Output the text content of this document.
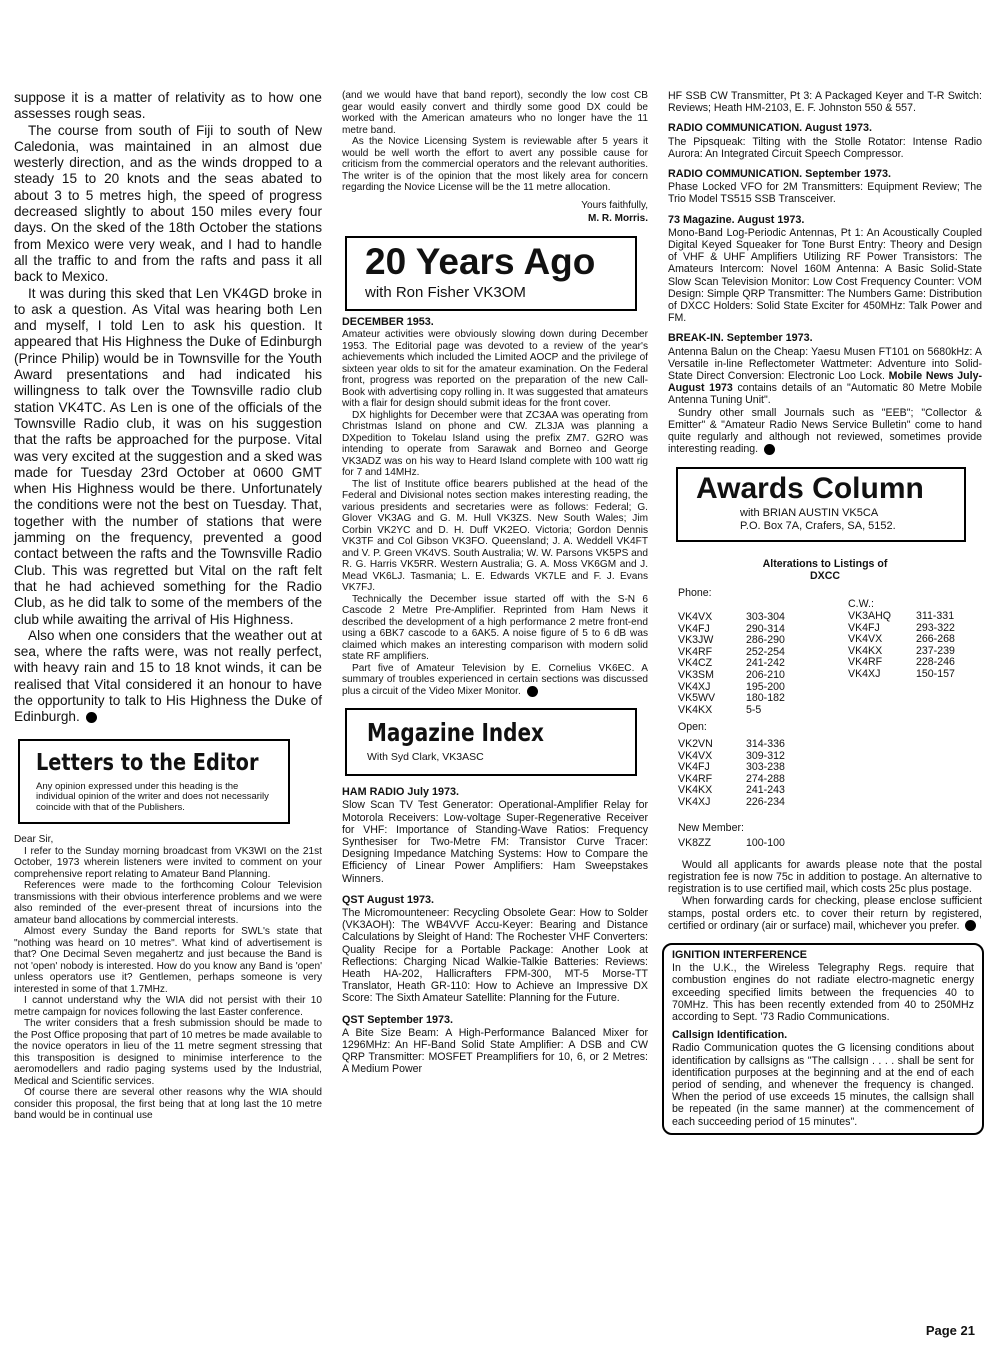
suppose it is a matter of relativity as to how one assesses rough seas.

The course from south of Fiji to south of New Caledonia, was maintained in an almost due westerly direction, and as the winds dropped to a steady 15 to 20 knots and the seas abated to about 3 to 5 metres high, the speed of progress decreased slightly to about 150 miles every four days. On the sked of the 18th October the stations from Mexico were very weak, and I had to handle all the traffic to and from the rafts and pass it all back to Mexico.

It was during this sked that Len VK4GD broke in to ask a question. As Vital was hearing both Len and myself, I told Len to ask his question. It appeared that His Highness the Duke of Edinburgh (Prince Philip) would be in Townsville for the Youth Award presentations and had indicated his willingness to talk over the Townsville radio club station VK4TC. As Len is one of the officials of the Townsville Radio club, it was on his suggestion that the rafts be approached for the purpose. Vital was very excited at the suggestion and a sked was made for Tuesday 23rd October at 0600 GMT when His Highness would be there. Unfortunately the conditions were not the best on Tuesday. That, together with the number of stations that were jamming on the frequency, prevented a good contact between the rafts and the Townsville Radio Club. This was regretted but Vital on the raft felt that he had achieved something for the Radio Club, as he did talk to some of the members of the club while awaiting the arrival of His Highness.

Also when one considers that the weather out at sea, where the rafts were, was not really perfect, with heavy rain and 15 to 18 knot winds, it can be realised that Vital considered it an honour to have the opportunity to talk to His Highness the Duke of Edinburgh.

Letters to the Editor
Any opinion expressed under this heading is the individual opinion of the writer and does not necessarily coincide with that of the Publishers.

Dear Sir,

I refer to the Sunday morning broadcast from VK3WI on the 21st October, 1973 wherein listeners were invited to comment on your comprehensive report relating to Amateur Band Planning.

References were made to the forthcoming Colour Television transmissions with their obvious interference problems and we were also reminded of the ever-present threat of incursions into the amateur band allocations by commercial interests.

Almost every Sunday the Band reports for SWL's state that "nothing was heard on 10 metres". What kind of advertisement is that? One Decimal Seven megahertz and just because the Band is not 'open' nobody is interested. How do you know any Band is 'open' unless operators use it? Gentlemen, perhaps someone is very interested in some of that 1.7MHz.

I cannot understand why the WIA did not persist with their 10 metre campaign for novices following the last Easter conference.

The writer considers that a fresh submission should be made to the Post Office proposing that part of 10 metres be made available to the novice operators in lieu of the 11 metre segment stressing that this transposition is designed to minimise interference to the aeromodellers and radio paging systems used by the Industrial, Medical and Scientific services.

Of course there are several other reasons why the WIA should consider this proposal, the first being that at long last the 10 metre band would be in continual use

(and we would have that band report), secondly the low cost CB gear would easily convert and thirdly some good DX could be worked with the American amateurs who no longer have the 11 metre band.

As the Novice Licensing System is reviewable after 5 years it would be well worth the effort to avert any possible cause for criticism from the commercial operators and the relevant authorities. The writer is of the opinion that the most likely area for concern regarding the Novice License will be the 11 metre allocation.

Yours faithfully,
M. R. Morris.
20 Years Ago
with Ron Fisher VK3OM
DECEMBER 1953.

Amateur activities were obviously slowing down during December 1953. The Editorial page was devoted to a review of the year's achievements which included the Limited AOCP and the privilege of sixteen year olds to sit for the amateur examination. On the Federal front, progress was reported on the preparation of the new Call-Book with advertising copy rolling in. It was suggested that amateurs with a flair for design should submit ideas for the front cover.

DX highlights for December were that ZC3AA was operating from Christmas Island on phone and CW. ZL3JA was planning a DXpedition to Tokelau Island using the prefix ZM7. G2RO was intending to operate from Sarawak and Borneo and George VK3ADZ was on his way to Heard Island complete with 100 watt rig for 7 and 14MHz.

The list of Institute office bearers published at the head of the Federal and Divisional notes section makes interesting reading, the various presidents and secretaries were as follows: Federal; G. Glover VK3AG and G. M. Hull VK3ZS. New South Wales; Jim Corbin VK2YC and D. H. Duff VK2EO. Victoria; Gordon Dennis VK3TF and Col Gibson VK3FO. Queensland; J. A. Weddell VK4FT and V. P. Green VK4VS. South Australia; W. W. Parsons VK5PS and R. G. Harris VK5RR. Western Australia; G. A. Moss VK6GM and J. Mead VK6LJ. Tasmania; L. E. Edwards VK7LE and F. J. Evans VK7FJ.

Technically the December issue started off with the S-N 6 Cascode 2 Metre Pre-Amplifier. Reprinted from Ham News it described the development of a high performance 2 metre front-end using a 6BK7 cascode to a 6AK5. A noise figure of 5 to 6 dB was claimed which makes an interesting comparison with modern solid state RF amplifiers.

Part five of Amateur Television by E. Cornelius VK6EC. A summary of troubles experienced in certain sections was discussed plus a circuit of the Video Mixer Monitor.

Magazine Index
With Syd Clark, VK3ASC
HAM RADIO July 1973.

Slow Scan TV Test Generator: Operational-Amplifier Relay for Motorola Receivers: Low-voltage Super-Regenerative Receiver for VHF: Importance of Standing-Wave Ratios: Frequency Synthesiser for Two-Metre FM: Transistor Curve Tracer: Designing Impedance Matching Systems: How to Compare the Efficiency of Linear Power Amplifiers: Ham Sweepstakes Winners.

QST August 1973.

The Micromounteneer: Recycling Obsolete Gear: How to Solder (VK3AOH): The WB4VVF Accu-Keyer: Bearing and Distance Calculations by Sleight of Hand: The Rochester VHF Converters: Quality Recipe for a Portable Package: Another Look at Reflections: Charging Nicad Walkie-Talkie Batteries: Reviews: Heath HA-202, Hallicrafters FPM-300, MT-5 Morse-TT Translator, Heath GR-110: How to Achieve an Impressive DX Score: The Sixth Amateur Satellite: Planning for the Future.

QST September 1973.

A Bite Size Beam: A High-Performance Balanced Mixer for 1296MHz: An HF-Band Solid State Amplifier: A DSB and CW QRP Transmitter: MOSFET Preamplifiers for 10, 6, or 2 Metres: A Medium Power

HF SSB CW Transmitter, Pt 3: A Packaged Keyer and T-R Switch: Reviews; Heath HM-2103, E. F. Johnston 550 & 557.

RADIO COMMUNICATION. August 1973.

The Pipsqueak: Tilting with the Stolle Rotator: Intense Radio Aurora: An Integrated Circuit Speech Compressor.

RADIO COMMUNICATION. September 1973.

Phase Locked VFO for 2M Transmitters: Equipment Review; The Trio Model TS515 SSB Transceiver.

73 Magazine. August 1973.

Mono-Band Log-Periodic Antennas, Pt 1: An Acoustically Coupled Digital Keyed Squeaker for Tone Burst Entry: Theory and Design of VHF & UHF Amplifiers Utilizing RF Power Transistors: The Amateurs Intercom: Novel 160M Antenna: A Basic Solid-State Slow Scan Television Monitor: Low Cost Frequency Counter: VOM Design: Simple QRP Transmitter: The Numbers Game: Distribution of DXCC Holders: Solid State Exciter for 450MHz: Talk Power and FM.

BREAK-IN. September 1973.

Antenna Balun on the Cheap: Yaesu Musen FT101 on 5680kHz: A Versatile in-line Reflectometer Wattmeter: Adventure into Solid-State Direct Conversion: Electronic Loo Lock. Mobile News July-August 1973 contains details of an "Automatic 80 Metre Mobile Antenna Tuning Unit".

Sundry other small Journals such as "EEB"; "Collector & Emitter" & "Amateur Radio News Service Bulletin" come to hand quite regularly and although not reviewed, sometimes provide interesting reading.

Awards Column
with BRIAN AUSTIN VK5CA
P.O. Box 7A, Crafers, SA, 5152.
Alterations to Listings of
DXCC
Phone:
VK4VX	303-304
VK4FJ	290-314
VK3JW	286-290
VK4RF	252-254
VK4CZ	241-242
VK3SM	206-210
VK4XJ	195-200
VK5WV	180-182
VK4KX	5-5
Open:
VK2VN	314-336
VK4VX	309-312
VK4FJ	303-238
VK4RF	274-288
VK4KX	241-243
VK4XJ	226-234
New Member:
VK8ZZ	100-100
C.W.:
VK3AHQ	311-331
VK4FJ	293-322
VK4VX	266-268
VK4KX	237-239
VK4RF	228-246
VK4XJ	150-157

Would all applicants for awards please note that the postal registration fee is now 75c in addition to postage. An alternative to registration is to use certified mail, which costs 25c plus postage.

When forwarding cards for checking, please enclose sufficient stamps, postal orders etc. to cover their return by registered, certified or ordinary (air or surface) mail, whichever you prefer.

IGNITION INTERFERENCE

In the U.K., the Wireless Telegraphy Regs. require that combustion engines do not radiate electro-magnetic energy exceeding specified limits between the frequencies 40 to 70MHz. This has been recently extended from 40 to 250MHz according to Sept. '73 Radio Communications.

Callsign Identification.

Radio Communication quotes the G licensing conditions about identification by callsigns as "The callsign . . . . shall be sent for identification purposes at the beginning and at the end of each period of sending, and whenever the frequency is changed. When the period of use exceeds 15 minutes, the callsign shall be repeated (in the same manner) at the commencement of each succeeding period of 15 minutes".

Page 21
